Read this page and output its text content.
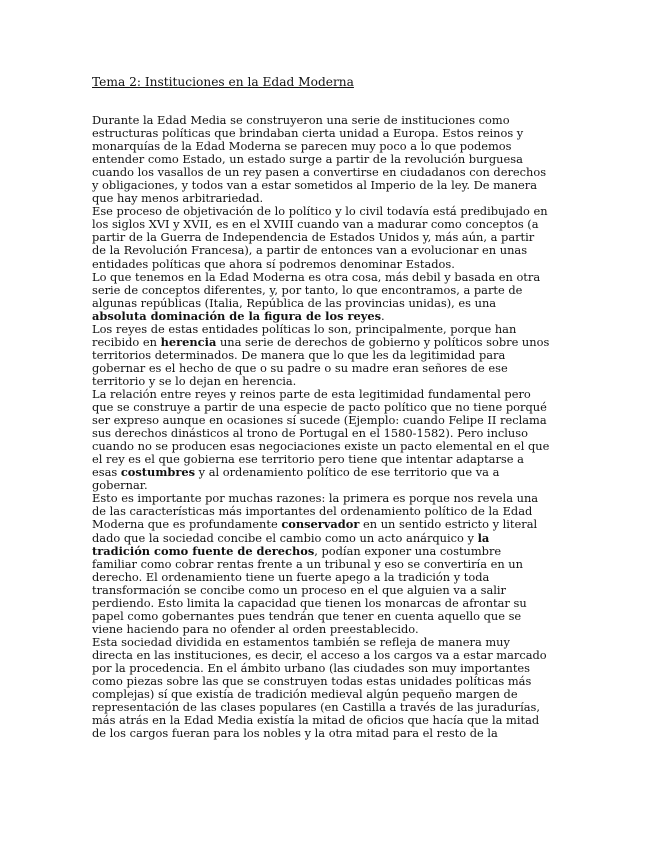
Tema 2: Instituciones en la Edad Moderna
Durante la Edad Media se construyeron una serie de instituciones como
estructuras políticas que brindaban cierta unidad a Europa. Estos reinos y
monarquías de la Edad Moderna se parecen muy poco a lo que podemos
entender como Estado, un estado surge a partir de la revolución burguesa
cuando los vasallos de un rey pasen a convertirse en ciudadanos con derechos
y obligaciones, y todos van a estar sometidos al Imperio de la ley. De manera
que hay menos arbitrariedad.
Ese proceso de objetivación de lo político y lo civil todavía está predibujado en
los siglos XVI y XVII, es en el XVIII cuando van a madurar como conceptos (a
partir de la Guerra de Independencia de Estados Unidos y, más aún, a partir
de la Revolución Francesa), a partir de entonces van a evolucionar en unas
entidades políticas que ahora sí podremos denominar Estados.
Lo que tenemos en la Edad Moderna es otra cosa, más debil y basada en otra
serie de conceptos diferentes, y, por tanto, lo que encontramos, a parte de
algunas repúblicas (Italia, República de las provincias unidas), es una
absoluta dominación de la figura de los reyes.
Los reyes de estas entidades políticas lo son, principalmente, porque han
recibido en herencia una serie de derechos de gobierno y políticos sobre unos
territorios determinados. De manera que lo que les da legitimidad para
gobernar es el hecho de que o su padre o su madre eran señores de ese
territorio y se lo dejan en herencia.
La relación entre reyes y reinos parte de esta legitimidad fundamental pero
que se construye a partir de una especie de pacto político que no tiene porqué
ser expreso aunque en ocasiones sí sucede (Ejemplo: cuando Felipe II reclama
sus derechos dinásticos al trono de Portugal en el 1580-1582). Pero incluso
cuando no se producen esas negociaciones existe un pacto elemental en el que
el rey es el que gobierna ese territorio pero tiene que intentar adaptarse a
esas costumbres y al ordenamiento político de ese territorio que va a
gobernar.
Esto es importante por muchas razones: la primera es porque nos revela una
de las características más importantes del ordenamiento político de la Edad
Moderna que es profundamente conservador en un sentido estricto y literal
dado que la sociedad concibe el cambio como un acto anárquico y la
tradición como fuente de derechos, podían exponer una costumbre
familiar como cobrar rentas frente a un tribunal y eso se convertiría en un
derecho. El ordenamiento tiene un fuerte apego a la tradición y toda
transformación se concibe como un proceso en el que alguien va a salir
perdiendo. Esto limita la capacidad que tienen los monarcas de afrontar su
papel como gobernantes pues tendrán que tener en cuenta aquello que se
viene haciendo para no ofender al orden preestablecido.
Esta sociedad dividida en estamentos también se refleja de manera muy
directa en las instituciones, es decir, el acceso a los cargos va a estar marcado
por la procedencia. En el ámbito urbano (las ciudades son muy importantes
como piezas sobre las que se construyen todas estas unidades políticas más
complejas) sí que existía de tradición medieval algún pequeño margen de
representación de las clases populares (en Castilla a través de las juradurías,
más atrás en la Edad Media existía la mitad de oficios que hacía que la mitad
de los cargos fueran para los nobles y la otra mitad para el resto de la
